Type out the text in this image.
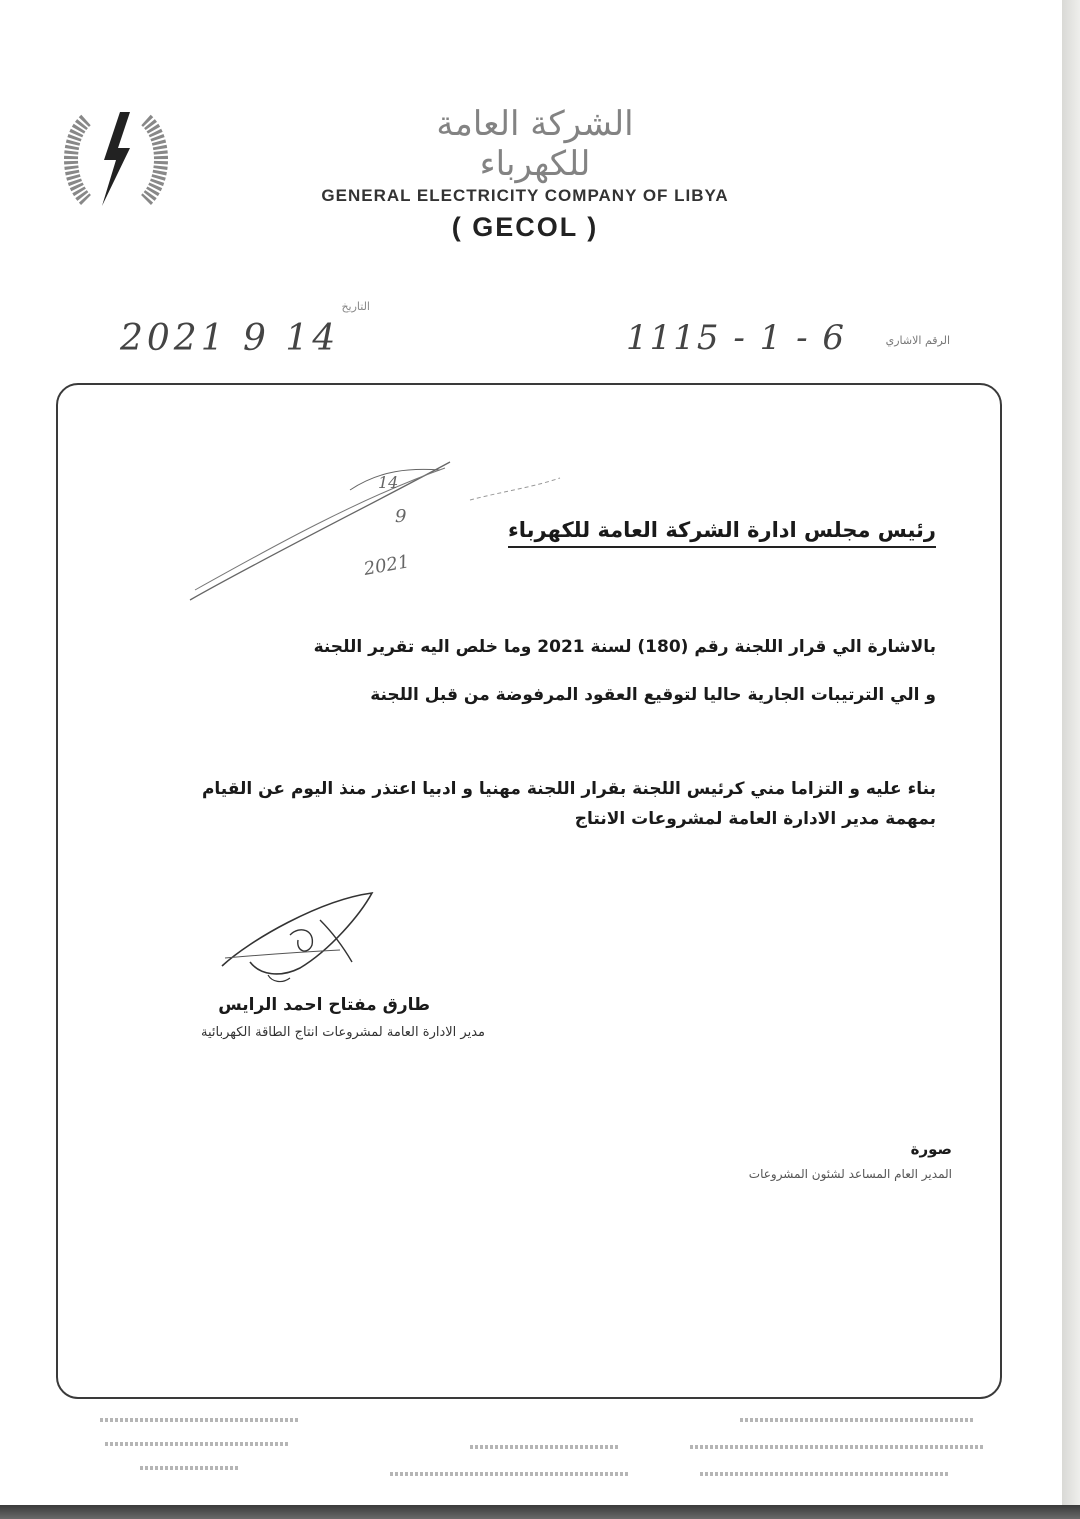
الشركة العامة للكهرباء
GENERAL ELECTRICITY COMPANY OF LIBYA
( GECOL )
التاريخ
2021 9 14	الرقم الاشاري
1115 - 1 - 6
9
14
2021
رئيس مجلس ادارة الشركة العامة للكهرباء
بالاشارة الي قرار اللجنة رقم (180) لسنة 2021 وما خلص اليه تقرير اللجنة
و الي الترتيبات الجارية حاليا لتوقيع العقود المرفوضة من قبل اللجنة
بناء عليه و التزاما مني كرئيس اللجنة بقرار اللجنة مهنيا و ادبيا اعتذر منذ اليوم عن القيام
بمهمة مدير الادارة العامة لمشروعات الانتاج
طارق مفتاح احمد الرايس
مدير الادارة العامة لمشروعات انتاج الطاقة الكهربائية
صورة
المدير العام المساعد لشئون المشروعات
